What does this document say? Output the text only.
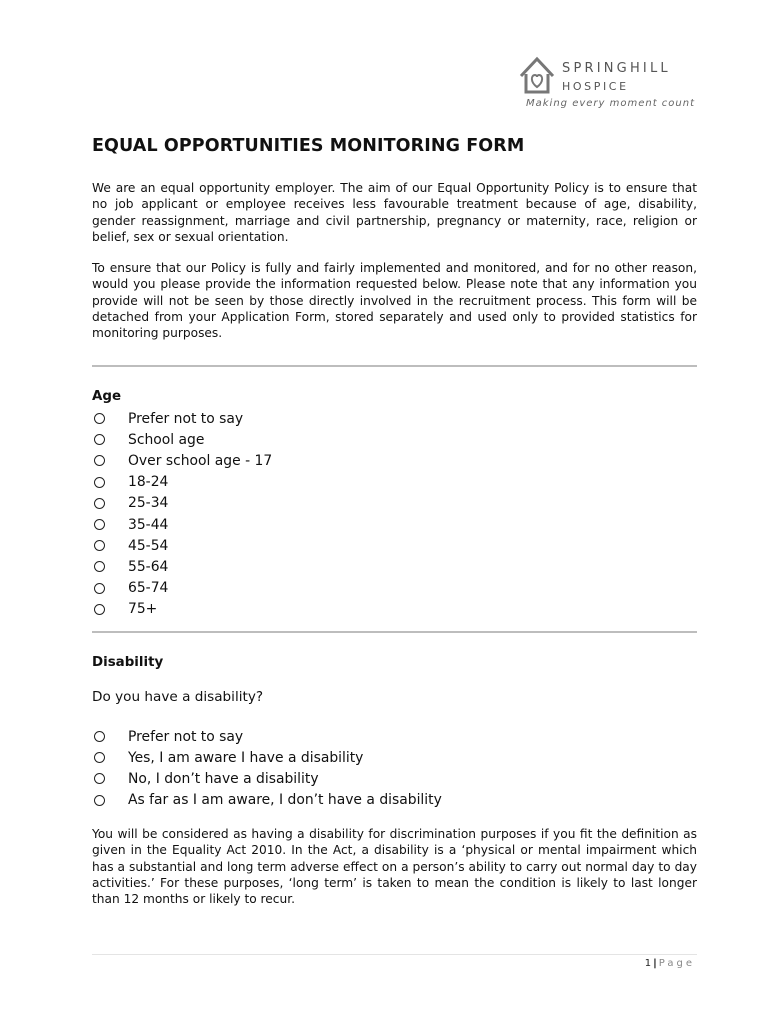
SPRINGHILL
HOSPICE
Making every moment count
EQUAL OPPORTUNITIES MONITORING FORM

We are an equal opportunity employer. The aim of our Equal Opportunity Policy is to ensure that no job applicant or employee receives less favourable treatment because of age, disability, gender reassignment, marriage and civil partnership, pregnancy or maternity, race, religion or belief, sex or sexual orientation.

To ensure that our Policy is fully and fairly implemented and monitored, and for no other reason, would you please provide the information requested below. Please note that any information you provide will not be seen by those directly involved in the recruitment process. This form will be detached from your Application Form, stored separately and used only to provided statistics for monitoring purposes.

Age
Prefer not to say
School age
Over school age - 17
18-24
25-34
35-44
45-54
55-64
65-74
75+
Disability
Do you have a disability?
Prefer not to say
Yes, I am aware I have a disability
No, I don’t have a disability
As far as I am aware, I don’t have a disability

You will be considered as having a disability for discrimination purposes if you fit the definition as given in the Equality Act 2010. In the Act, a disability is a ‘physical or mental impairment which has a substantial and long term adverse effect on a person’s ability to carry out normal day to day activities.’ For these purposes, ‘long term’ is taken to mean the condition is likely to last longer than 12 months or likely to recur.

1 | Page
